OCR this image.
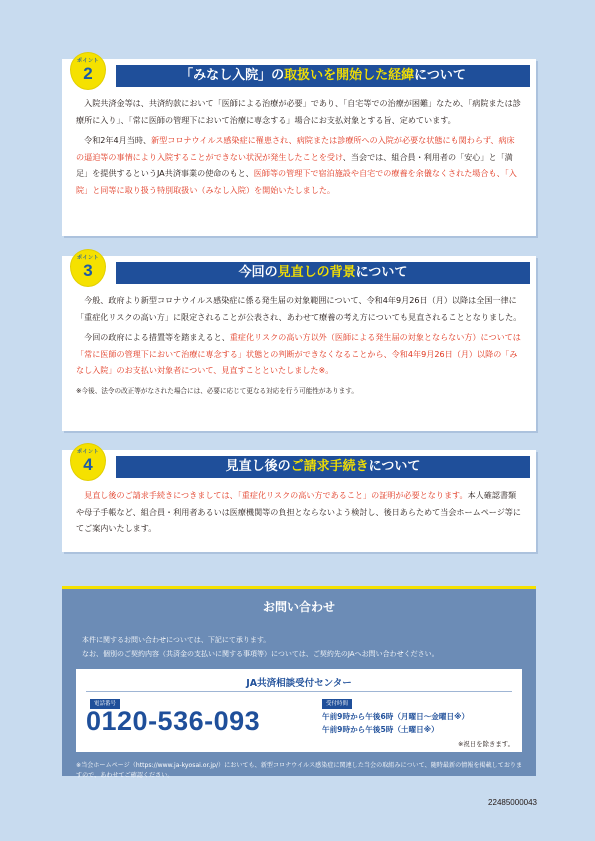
ポイント
2	「みなし入院」の取扱いを開始した経緯について

入院共済金等は、共済約款において「医師による治療が必要」であり、「自宅等での治療が困難」なため、「病院または診療所に入り」、「常に医師の管理下において治療に専念する」場合にお支払対象とする旨、定めています。

令和2年4月当時、新型コロナウイルス感染症に罹患され、病院または診療所への入院が必要な状態にも関わらず、病床の逼迫等の事情により入院することができない状況が発生したことを受け、当会では、組合員・利用者の「安心」と「満足」を提供するというJA共済事業の使命のもと、医師等の管理下で宿泊施設や自宅での療養を余儀なくされた場合も、「入院」と同等に取り扱う特別取扱い（みなし入院）を開始いたしました。

ポイント
3	今回の見直しの背景について

今般、政府より新型コロナウイルス感染症に係る発生届の対象範囲について、令和4年9月26日（月）以降は全国一律に「重症化リスクの高い方」に限定されることが公表され、あわせて療養の考え方についても見直されることとなりました。

今回の政府による措置等を踏まえると、重症化リスクの高い方以外（医師による発生届の対象とならない方）については「常に医師の管理下において治療に専念する」状態との判断ができなくなることから、令和4年9月26日（月）以降の「みなし入院」のお支払い対象者について、見直すことといたしました※。

※今後、法令の改正等がなされた場合には、必要に応じて更なる対応を行う可能性があります。

ポイント
4	見直し後のご請求手続きについて

見直し後のご請求手続きにつきましては、「重症化リスクの高い方であること」の証明が必要となります。本人確認書類や母子手帳など、組合員・利用者あるいは医療機関等の負担とならないよう検討し、後日あらためて当会ホームページ等にてご案内いたします。

お問い合わせ
本件に関するお問い合わせについては、下記にて承ります。
なお、個別のご契約内容（共済金の支払いに関する事項等）については、ご契約先のJAへお問い合わせください。
JA共済相談受付センター
電話番号
0120-536-093
受付時間
午前9時から午後6時（月曜日〜金曜日※）
午前9時から午後5時（土曜日※）
※祝日を除きます。
※当会ホームページ（https://www.ja-kyosai.or.jp/）においても、新型コロナウイルス感染症に関連した当会の取組みについて、随時最新の情報を掲載しておりますので、あわせてご確認ください。
22485000043
